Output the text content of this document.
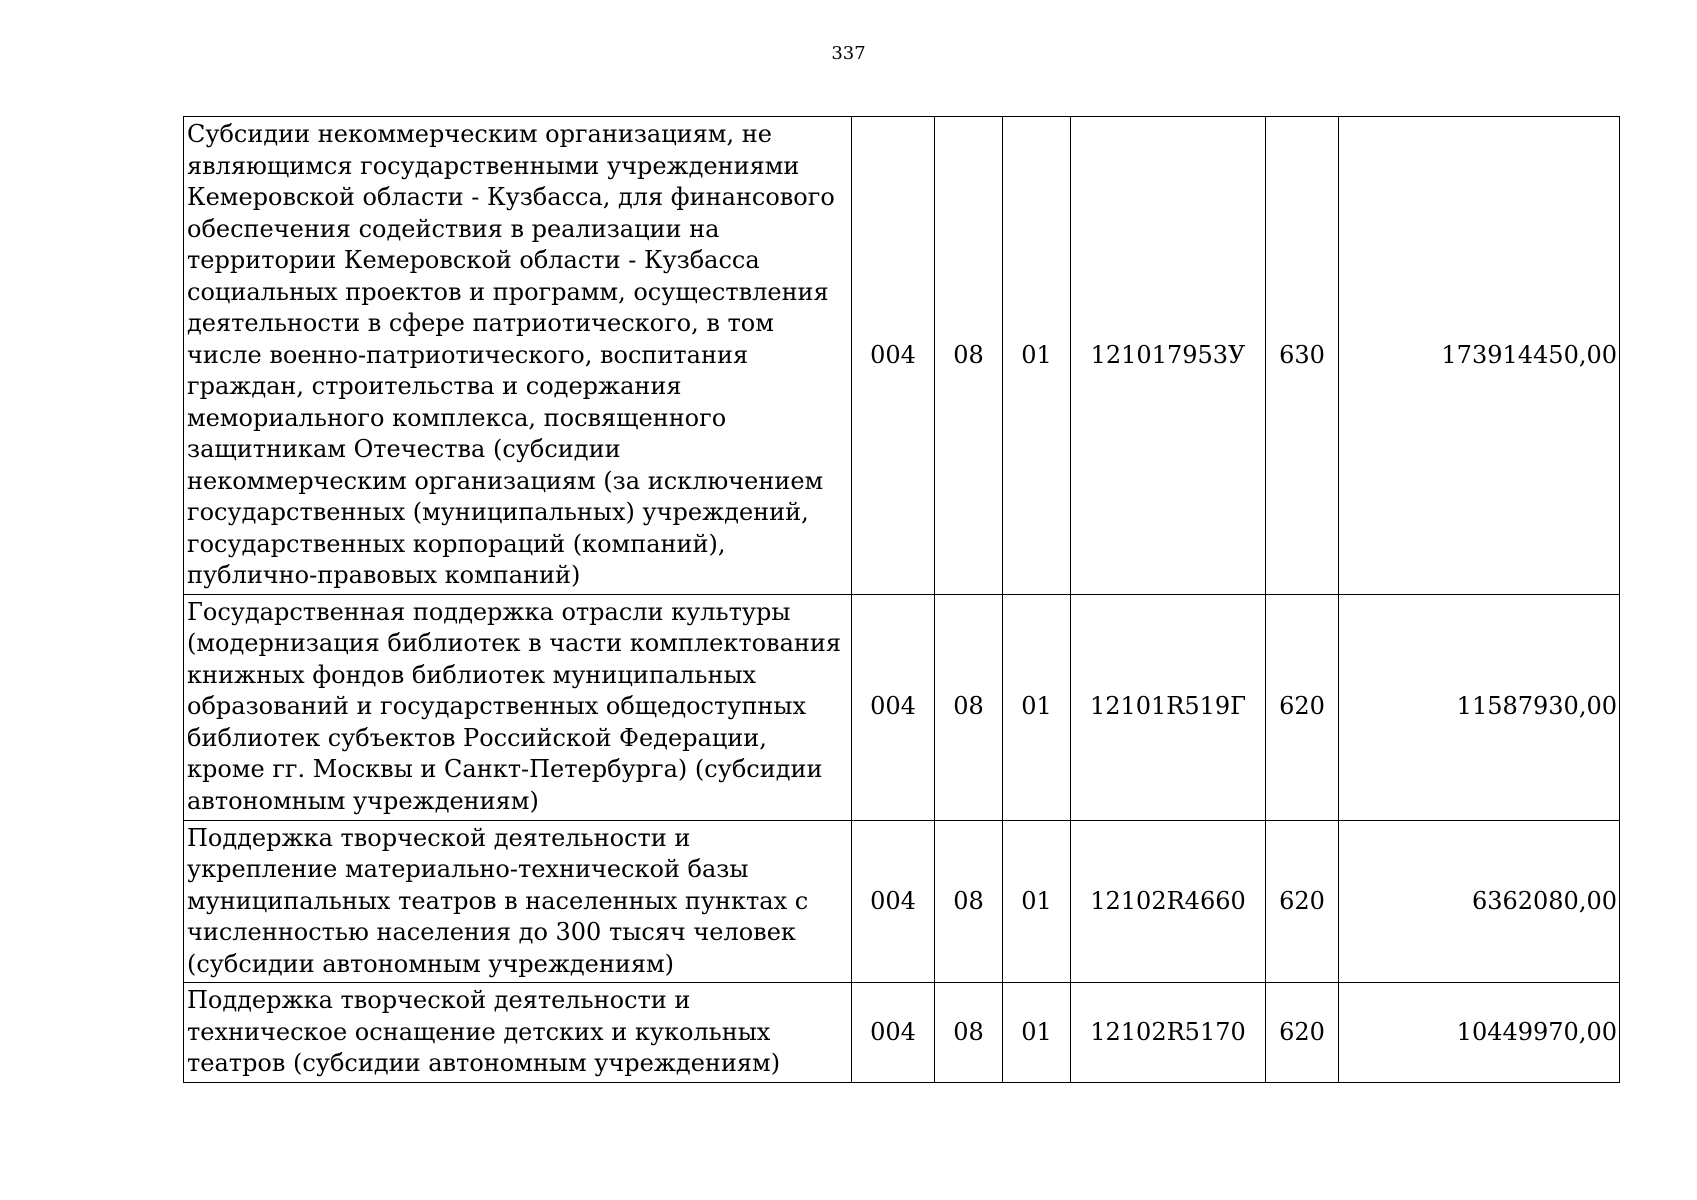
337
Субсидии некоммерческим организациям, не являющимся государственными учреждениями Кемеровской области - Кузбасса, для финансового обеспечения содействия в реализации на территории Кемеровской области - Кузбасса социальных проектов и программ, осуществления деятельности в сфере патриотического, в том числе военно-патриотического, воспитания граждан, строительства и содержания мемориального комплекса, посвященного защитникам Отечества (субсидии некоммерческим организациям (за исключением государственных (муниципальных) учреждений, государственных корпораций (компаний), публично-правовых компаний)	004	08	01	121017953У	630	173914450,00
Государственная поддержка отрасли культуры (модернизация библиотек в части комплектования книжных фондов библиотек муниципальных образований и государственных общедоступных библиотек субъектов Российской Федерации, кроме гг. Москвы и Санкт-Петербурга) (субсидии автономным учреждениям)	004	08	01	12101R519Г	620	11587930,00
Поддержка творческой деятельности и укрепление материально-технической базы муниципальных театров в населенных пунктах с численностью населения до 300 тысяч человек (субсидии автономным учреждениям)	004	08	01	12102R4660	620	6362080,00
Поддержка творческой деятельности и техническое оснащение детских и кукольных театров (субсидии автономным учреждениям)	004	08	01	12102R5170	620	10449970,00
